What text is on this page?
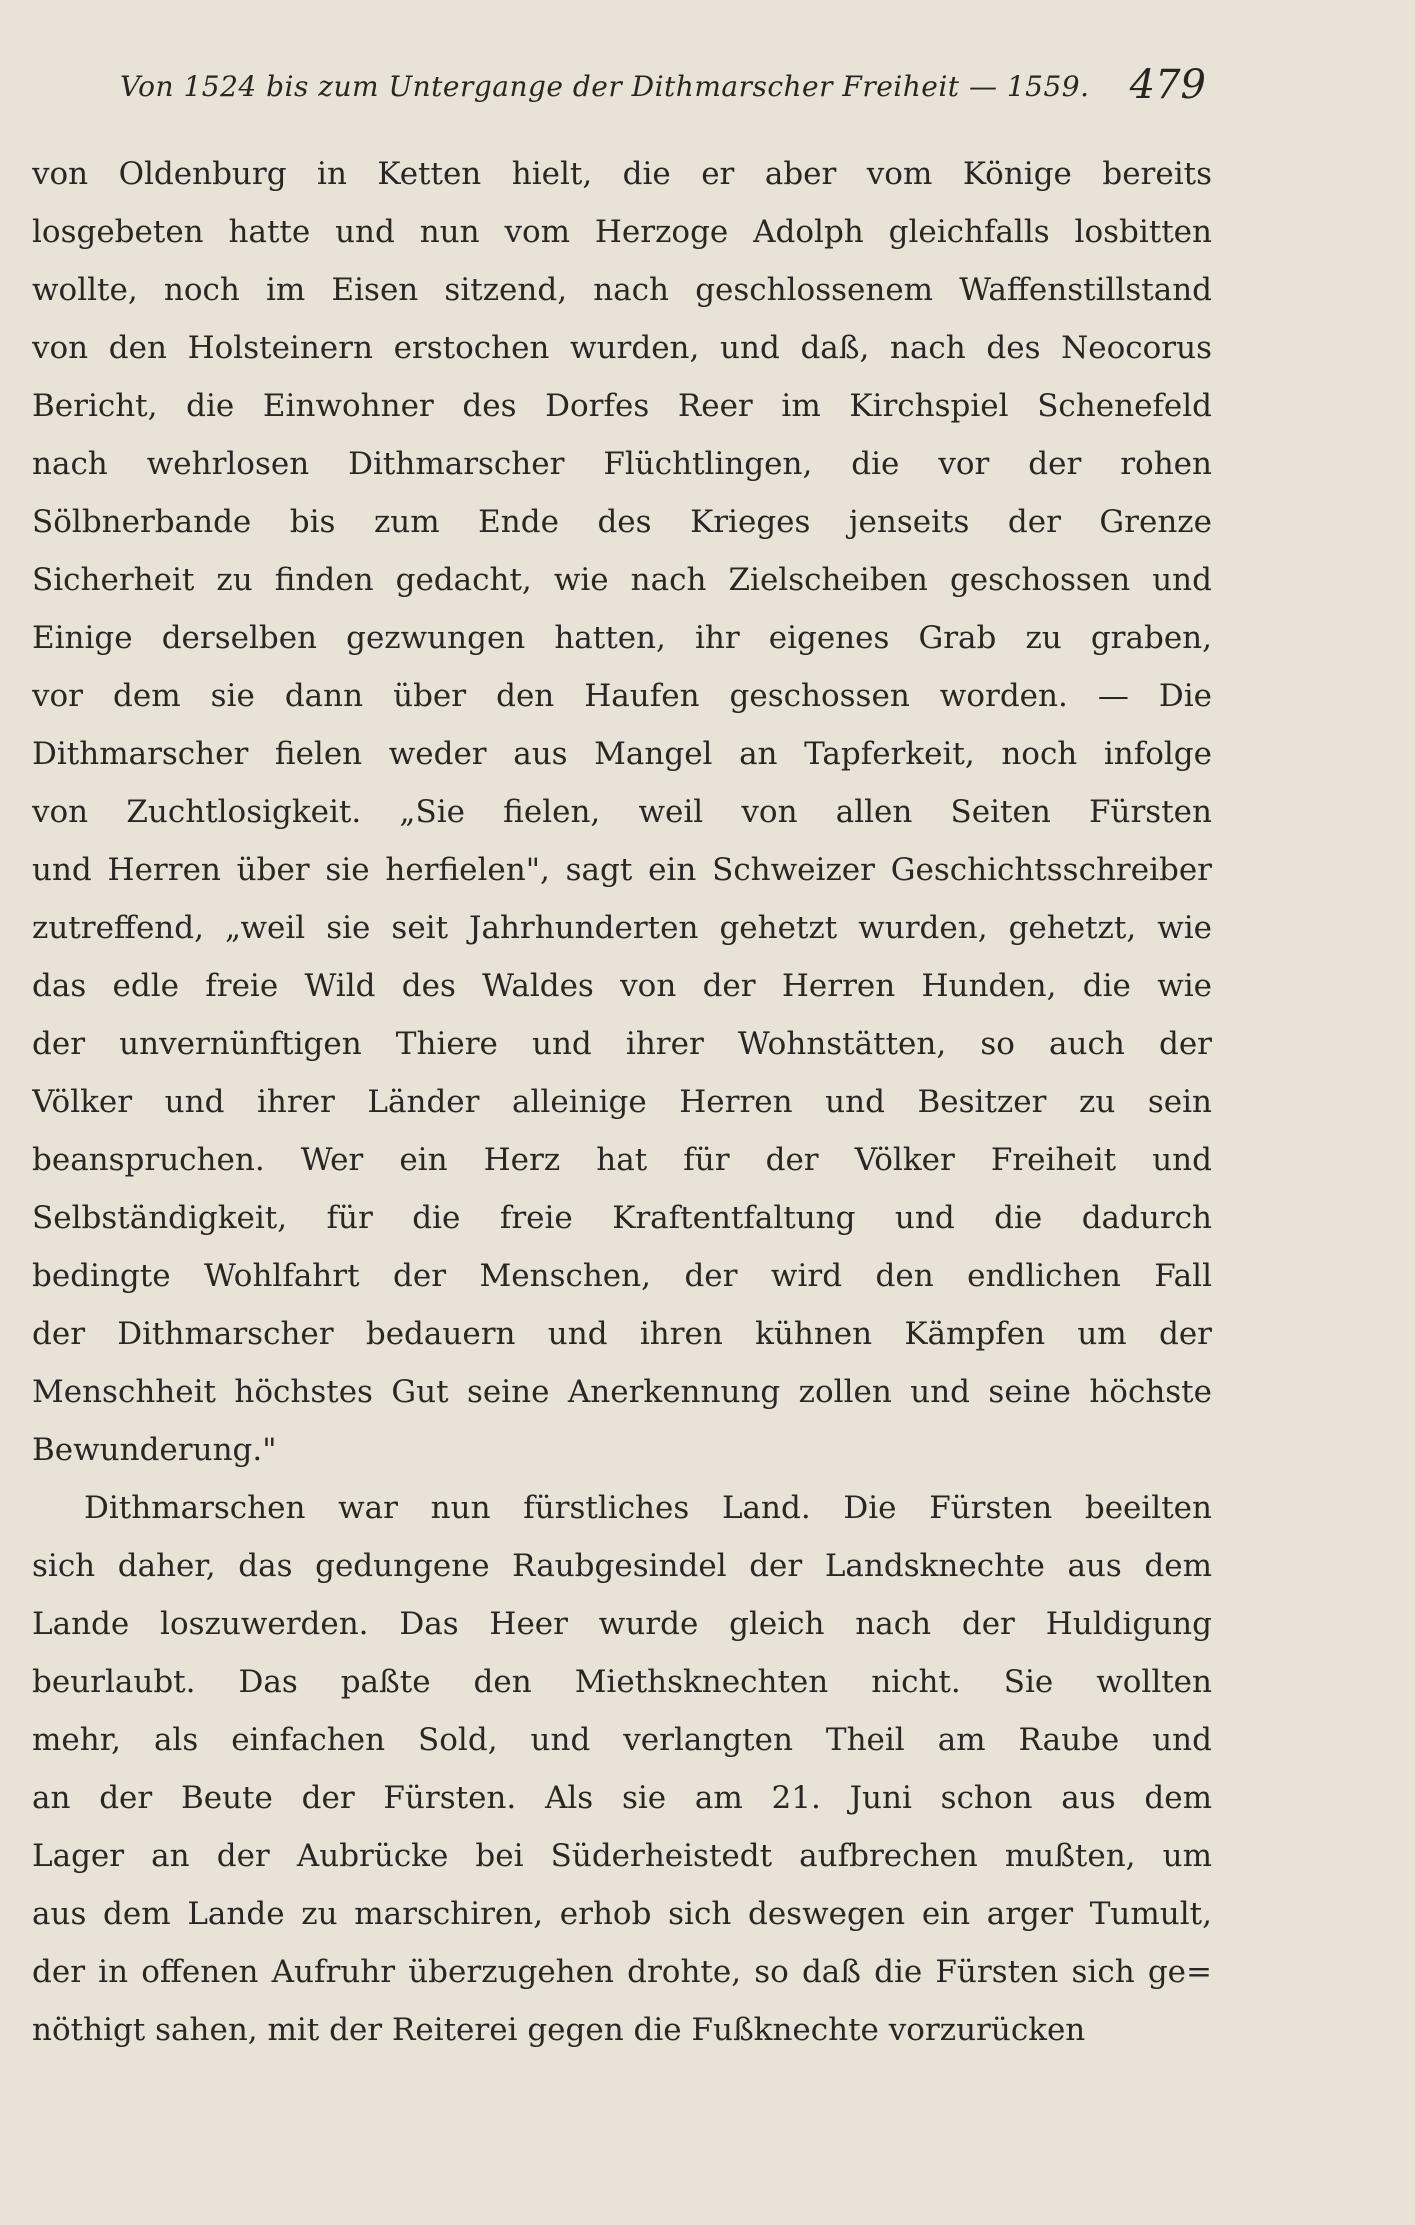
Von 1524 bis zum Untergange der Dithmarscher Freiheit — 1559. 479
von Oldenburg in Ketten hielt, die er aber vom Könige bereits
losgebeten hatte und nun vom Herzoge Adolph gleichfalls losbitten
wollte, noch im Eisen sitzend, nach geschlossenem Waffenstillstand
von den Holsteinern erstochen wurden, und daß, nach des Neocorus
Bericht, die Einwohner des Dorfes Reer im Kirchspiel Schenefeld
nach wehrlosen Dithmarscher Flüchtlingen, die vor der rohen
Sölbnerbande bis zum Ende des Krieges jenseits der Grenze
Sicherheit zu finden gedacht, wie nach Zielscheiben geschossen und
Einige derselben gezwungen hatten, ihr eigenes Grab zu graben,
vor dem sie dann über den Haufen geschossen worden. — Die
Dithmarscher fielen weder aus Mangel an Tapferkeit, noch infolge
von Zuchtlosigkeit. „Sie fielen, weil von allen Seiten Fürsten
und Herren über sie herfielen", sagt ein Schweizer Geschichtsschreiber
zutreffend, „weil sie seit Jahrhunderten gehetzt wurden, gehetzt, wie
das edle freie Wild des Waldes von der Herren Hunden, die wie
der unvernünftigen Thiere und ihrer Wohnstätten, so auch der
Völker und ihrer Länder alleinige Herren und Besitzer zu sein
beanspruchen. Wer ein Herz hat für der Völker Freiheit und
Selbständigkeit, für die freie Kraftentfaltung und die dadurch
bedingte Wohlfahrt der Menschen, der wird den endlichen Fall
der Dithmarscher bedauern und ihren kühnen Kämpfen um der
Menschheit höchstes Gut seine Anerkennung zollen und seine höchste
Bewunderung."
Dithmarschen war nun fürstliches Land. Die Fürsten beeilten
sich daher, das gedungene Raubgesindel der Landsknechte aus dem
Lande loszuwerden. Das Heer wurde gleich nach der Huldigung
beurlaubt. Das paßte den Miethsknechten nicht. Sie wollten
mehr, als einfachen Sold, und verlangten Theil am Raube und
an der Beute der Fürsten. Als sie am 21. Juni schon aus dem
Lager an der Aubrücke bei Süderheistedt aufbrechen mußten, um
aus dem Lande zu marschiren, erhob sich deswegen ein arger Tumult,
der in offenen Aufruhr überzugehen drohte, so daß die Fürsten sich ge=
nöthigt sahen, mit der Reiterei gegen die Fußknechte vorzurücken
